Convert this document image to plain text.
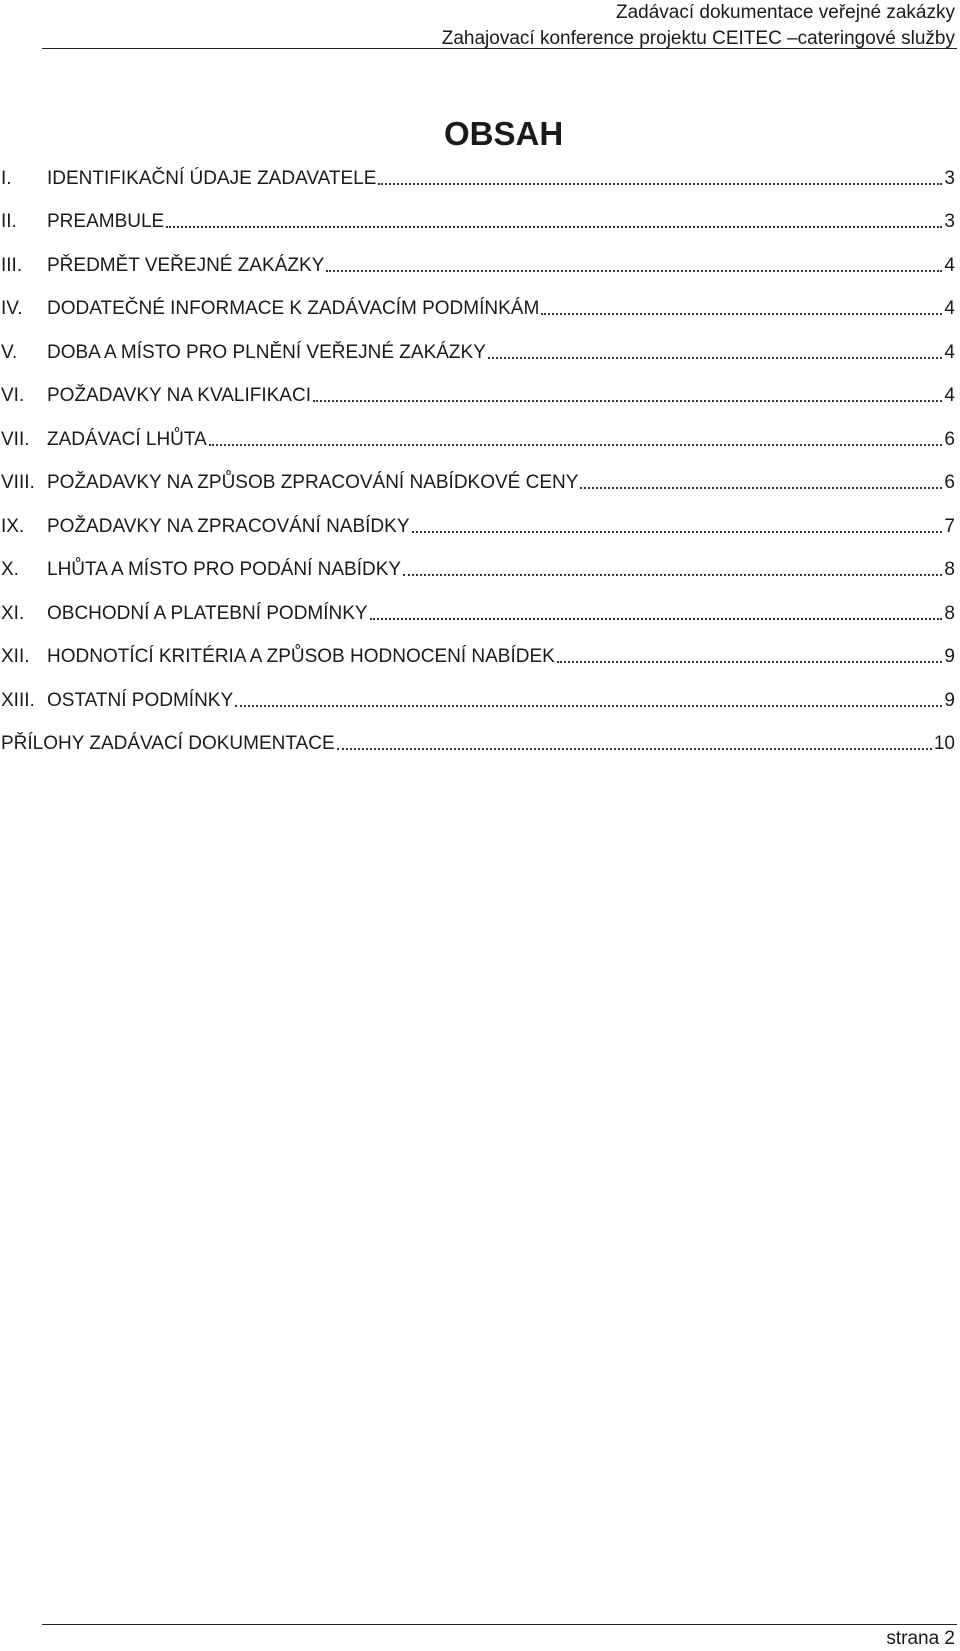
Zadávací dokumentace veřejné zakázky
Zahajovací konference projektu CEITEC –cateringové služby
OBSAH
I.	IDENTIFIKAČNÍ ÚDAJE ZADAVATELE	3
II.	PREAMBULE	3
III.	PŘEDMĚT VEŘEJNÉ ZAKÁZKY	4
IV.	DODATEČNÉ INFORMACE K ZADÁVACÍM PODMÍNKÁM	4
V.	DOBA A MÍSTO PRO PLNĚNÍ VEŘEJNÉ ZAKÁZKY	4
VI.	POŽADAVKY NA KVALIFIKACI	4
VII. ZADÁVACÍ LHŮTA	6
VIII. POŽADAVKY NA ZPŮSOB ZPRACOVÁNÍ NABÍDKOVÉ CENY	6
IX.	POŽADAVKY NA ZPRACOVÁNÍ NABÍDKY	7
X.	LHŮTA A MÍSTO PRO PODÁNÍ NABÍDKY	8
XI.	OBCHODNÍ A PLATEBNÍ PODMÍNKY	8
XII. HODNOTÍCÍ KRITÉRIA A ZPŮSOB HODNOCENÍ NABÍDEK	9
XIII. OSTATNÍ PODMÍNKY	9
PŘÍLOHY ZADÁVACÍ DOKUMENTACE	10
strana 2
